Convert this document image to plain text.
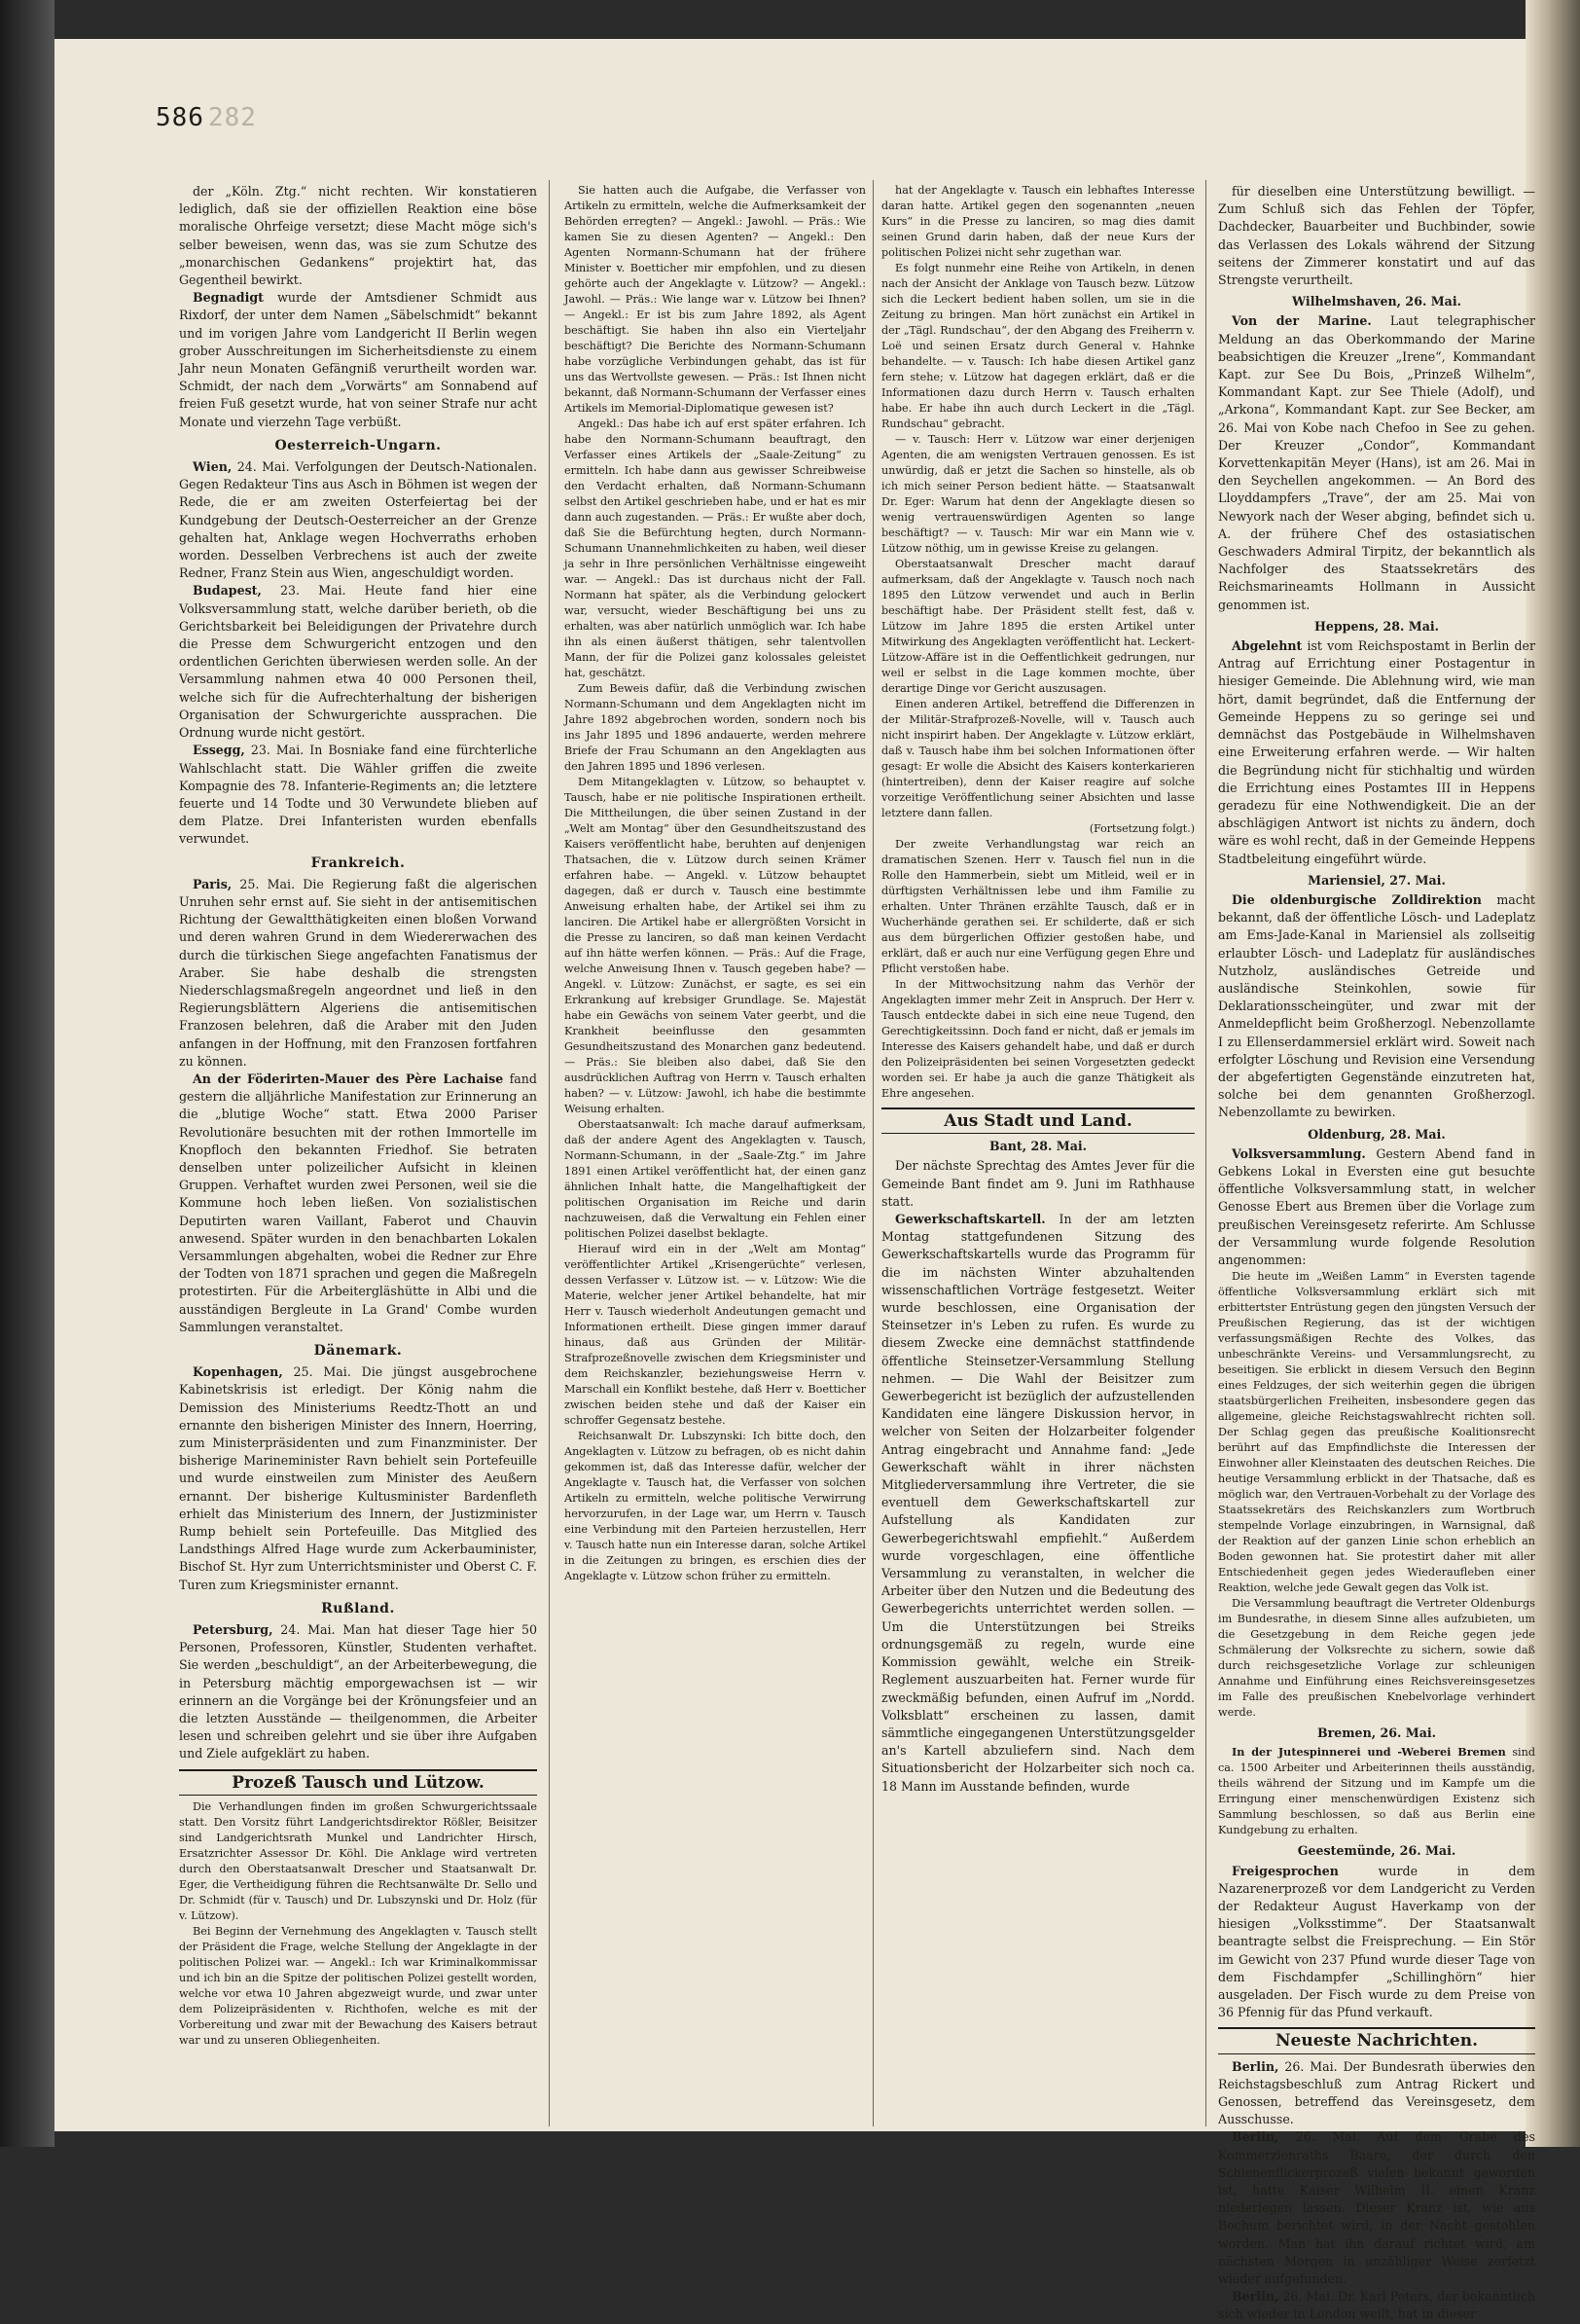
586 282

der „Köln. Ztg.“ nicht rechten. Wir konstatieren lediglich, daß sie der offiziellen Reaktion eine böse moralische Ohrfeige versetzt; diese Macht möge sich's selber beweisen, wenn das, was sie zum Schutze des „monarchischen Gedankens“ projektirt hat, das Gegentheil bewirkt.

Begnadigt wurde der Amtsdiener Schmidt aus Rixdorf, der unter dem Namen „Säbelschmidt“ bekannt und im vorigen Jahre vom Landgericht II Berlin wegen grober Ausschreitungen im Sicherheitsdienste zu einem Jahr neun Monaten Gefängniß verurtheilt worden war. Schmidt, der nach dem „Vorwärts“ am Sonnabend auf freien Fuß gesetzt wurde, hat von seiner Strafe nur acht Monate und vierzehn Tage verbüßt.

Oesterreich-Ungarn.

Wien, 24. Mai. Verfolgungen der Deutsch-Nationalen. Gegen Redakteur Tins aus Asch in Böhmen ist wegen der Rede, die er am zweiten Osterfeiertag bei der Kundgebung der Deutsch-Oesterreicher an der Grenze gehalten hat, Anklage wegen Hochverraths erhoben worden. Desselben Verbrechens ist auch der zweite Redner, Franz Stein aus Wien, angeschuldigt worden.

Budapest, 23. Mai. Heute fand hier eine Volksversammlung statt, welche darüber berieth, ob die Gerichtsbarkeit bei Beleidigungen der Privatehre durch die Presse dem Schwurgericht entzogen und den ordentlichen Gerichten überwiesen werden solle. An der Versammlung nahmen etwa 40 000 Personen theil, welche sich für die Aufrechterhaltung der bisherigen Organisation der Schwurgerichte aussprachen. Die Ordnung wurde nicht gestört.

Essegg, 23. Mai. In Bosniake fand eine fürchterliche Wahlschlacht statt. Die Wähler griffen die zweite Kompagnie des 78. Infanterie-Regiments an; die letztere feuerte und 14 Todte und 30 Verwundete blieben auf dem Platze. Drei Infanteristen wurden ebenfalls verwundet.

Frankreich.

Paris, 25. Mai. Die Regierung faßt die algerischen Unruhen sehr ernst auf. Sie sieht in der antisemitischen Richtung der Gewaltthätigkeiten einen bloßen Vorwand und deren wahren Grund in dem Wiedererwachen des durch die türkischen Siege angefachten Fanatismus der Araber. Sie habe deshalb die strengsten Niederschlagsmaßregeln angeordnet und ließ in den Regierungsblättern Algeriens die antisemitischen Franzosen belehren, daß die Araber mit den Juden anfangen in der Hoffnung, mit den Franzosen fortfahren zu können.

An der Föderirten-Mauer des Père Lachaise fand gestern die alljährliche Manifestation zur Erinnerung an die „blutige Woche“ statt. Etwa 2000 Pariser Revolutionäre besuchten mit der rothen Immortelle im Knopfloch den bekannten Friedhof. Sie betraten denselben unter polizeilicher Aufsicht in kleinen Gruppen. Verhaftet wurden zwei Personen, weil sie die Kommune hoch leben ließen. Von sozialistischen Deputirten waren Vaillant, Faberot und Chauvin anwesend. Später wurden in den benachbarten Lokalen Versammlungen abgehalten, wobei die Redner zur Ehre der Todten von 1871 sprachen und gegen die Maßregeln protestirten. Für die Arbeitergläshütte in Albi und die ausständigen Bergleute in La Grand' Combe wurden Sammlungen veranstaltet.

Dänemark.

Kopenhagen, 25. Mai. Die jüngst ausgebrochene Kabinetskrisis ist erledigt. Der König nahm die Demission des Ministeriums Reedtz-Thott an und ernannte den bisherigen Minister des Innern, Hoerring, zum Ministerpräsidenten und zum Finanzminister. Der bisherige Marineminister Ravn behielt sein Portefeuille und wurde einstweilen zum Minister des Aeußern ernannt. Der bisherige Kultusminister Bardenfleth erhielt das Ministerium des Innern, der Justizminister Rump behielt sein Portefeuille. Das Mitglied des Landsthings Alfred Hage wurde zum Ackerbauminister, Bischof St. Hyr zum Unterrichtsminister und Oberst C. F. Turen zum Kriegsminister ernannt.

Rußland.

Petersburg, 24. Mai. Man hat dieser Tage hier 50 Personen, Professoren, Künstler, Studenten verhaftet. Sie werden „beschuldigt“, an der Arbeiterbewegung, die in Petersburg mächtig emporgewachsen ist — wir erinnern an die Vorgänge bei der Krönungsfeier und an die letzten Ausstände — theilgenommen, die Arbeiter lesen und schreiben gelehrt und sie über ihre Aufgaben und Ziele aufgeklärt zu haben.

Prozeß Tausch und Lützow.

Die Verhandlungen finden im großen Schwurgerichtssaale statt. Den Vorsitz führt Landgerichtsdirektor Rößler, Beisitzer sind Landgerichtsrath Munkel und Landrichter Hirsch, Ersatzrichter Assessor Dr. Köhl. Die Anklage wird vertreten durch den Oberstaatsanwalt Drescher und Staatsanwalt Dr. Eger, die Vertheidigung führen die Rechtsanwälte Dr. Sello und Dr. Schmidt (für v. Tausch) und Dr. Lubszynski und Dr. Holz (für v. Lützow).

Bei Beginn der Vernehmung des Angeklagten v. Tausch stellt der Präsident die Frage, welche Stellung der Angeklagte in der politischen Polizei war. — Angekl.: Ich war Kriminalkommissar und ich bin an die Spitze der politischen Polizei gestellt worden, welche vor etwa 10 Jahren abgezweigt wurde, und zwar unter dem Polizeipräsidenten v. Richthofen, welche es mit der Vorbereitung und zwar mit der Bewachung des Kaisers betraut war und zu unseren Obliegenheiten.

Sie hatten auch die Aufgabe, die Verfasser von Artikeln zu ermitteln, welche die Aufmerksamkeit der Behörden erregten? — Angekl.: Jawohl. — Präs.: Wie kamen Sie zu diesen Agenten? — Angekl.: Den Agenten Normann-Schumann hat der frühere Minister v. Boetticher mir empfohlen, und zu diesen gehörte auch der Angeklagte v. Lützow? — Angekl.: Jawohl. — Präs.: Wie lange war v. Lützow bei Ihnen? — Angekl.: Er ist bis zum Jahre 1892, als Agent beschäftigt. Sie haben ihn also ein Vierteljahr beschäftigt? Die Berichte des Normann-Schumann habe vorzügliche Verbindungen gehabt, das ist für uns das Wertvollste gewesen. — Präs.: Ist Ihnen nicht bekannt, daß Normann-Schumann der Verfasser eines Artikels im Memorial-Diplomatique gewesen ist?

Angekl.: Das habe ich auf erst später erfahren. Ich habe den Normann-Schumann beauftragt, den Verfasser eines Artikels der „Saale-Zeitung“ zu ermitteln. Ich habe dann aus gewisser Schreibweise den Verdacht erhalten, daß Normann-Schumann selbst den Artikel geschrieben habe, und er hat es mir dann auch zugestanden. — Präs.: Er wußte aber doch, daß Sie die Befürchtung hegten, durch Normann-Schumann Unannehmlichkeiten zu haben, weil dieser ja sehr in Ihre persönlichen Verhältnisse eingeweiht war. — Angekl.: Das ist durchaus nicht der Fall. Normann hat später, als die Verbindung gelockert war, versucht, wieder Beschäftigung bei uns zu erhalten, was aber natürlich unmöglich war. Ich habe ihn als einen äußerst thätigen, sehr talentvollen Mann, der für die Polizei ganz kolossales geleistet hat, geschätzt.

Zum Beweis dafür, daß die Verbindung zwischen Normann-Schumann und dem Angeklagten nicht im Jahre 1892 abgebrochen worden, sondern noch bis ins Jahr 1895 und 1896 andauerte, werden mehrere Briefe der Frau Schumann an den Angeklagten aus den Jahren 1895 und 1896 verlesen.

Dem Mitangeklagten v. Lützow, so behauptet v. Tausch, habe er nie politische Inspirationen ertheilt. Die Mittheilungen, die über seinen Zustand in der „Welt am Montag“ über den Gesundheitszustand des Kaisers veröffentlicht habe, beruhten auf denjenigen Thatsachen, die v. Lützow durch seinen Krämer erfahren habe. — Angekl. v. Lützow behauptet dagegen, daß er durch v. Tausch eine bestimmte Anweisung erhalten habe, der Artikel sei ihm zu lanciren. Die Artikel habe er allergrößten Vorsicht in die Presse zu lanciren, so daß man keinen Verdacht auf ihn hätte werfen können. — Präs.: Auf die Frage, welche Anweisung Ihnen v. Tausch gegeben habe? — Angekl. v. Lützow: Zunächst, er sagte, es sei ein Erkrankung auf krebsiger Grundlage. Se. Majestät habe ein Gewächs von seinem Vater geerbt, und die Krankheit beeinflusse den gesammten Gesundheitszustand des Monarchen ganz bedeutend. — Präs.: Sie bleiben also dabei, daß Sie den ausdrücklichen Auftrag von Herrn v. Tausch erhalten haben? — v. Lützow: Jawohl, ich habe die bestimmte Weisung erhalten.

Oberstaatsanwalt: Ich mache darauf aufmerksam, daß der andere Agent des Angeklagten v. Tausch, Normann-Schumann, in der „Saale-Ztg.“ im Jahre 1891 einen Artikel veröffentlicht hat, der einen ganz ähnlichen Inhalt hatte, die Mangelhaftigkeit der politischen Organisation im Reiche und darin nachzuweisen, daß die Verwaltung ein Fehlen einer politischen Polizei daselbst beklagte.

Hierauf wird ein in der „Welt am Montag“ veröffentlichter Artikel „Krisengerüchte“ verlesen, dessen Verfasser v. Lützow ist. — v. Lützow: Wie die Materie, welcher jener Artikel behandelte, hat mir Herr v. Tausch wiederholt Andeutungen gemacht und Informationen ertheilt. Diese gingen immer darauf hinaus, daß aus Gründen der Militär-Strafprozeßnovelle zwischen dem Kriegsminister und dem Reichskanzler, beziehungsweise Herrn v. Marschall ein Konflikt bestehe, daß Herr v. Boetticher zwischen beiden stehe und daß der Kaiser ein schroffer Gegensatz bestehe.

Reichsanwalt Dr. Lubszynski: Ich bitte doch, den Angeklagten v. Lützow zu befragen, ob es nicht dahin gekommen ist, daß das Interesse dafür, welcher der Angeklagte v. Tausch hat, die Verfasser von solchen Artikeln zu ermitteln, welche politische Verwirrung hervorzurufen, in der Lage war, um Herrn v. Tausch eine Verbindung mit den Parteien herzustellen, Herr v. Tausch hatte nun ein Interesse daran, solche Artikel in die Zeitungen zu bringen, es erschien dies der Angeklagte v. Lützow schon früher zu ermitteln.

hat der Angeklagte v. Tausch ein lebhaftes Interesse daran hatte. Artikel gegen den sogenannten „neuen Kurs“ in die Presse zu lanciren, so mag dies damit seinen Grund darin haben, daß der neue Kurs der politischen Polizei nicht sehr zugethan war.

Es folgt nunmehr eine Reihe von Artikeln, in denen nach der Ansicht der Anklage von Tausch bezw. Lützow sich die Leckert bedient haben sollen, um sie in die Zeitung zu bringen. Man hört zunächst ein Artikel in der „Tägl. Rundschau“, der den Abgang des Freiherrn v. Loë und seinen Ersatz durch General v. Hahnke behandelte. — v. Tausch: Ich habe diesen Artikel ganz fern stehe; v. Lützow hat dagegen erklärt, daß er die Informationen dazu durch Herrn v. Tausch erhalten habe. Er habe ihn auch durch Leckert in die „Tägl. Rundschau“ gebracht.

— v. Tausch: Herr v. Lützow war einer derjenigen Agenten, die am wenigsten Vertrauen genossen. Es ist unwürdig, daß er jetzt die Sachen so hinstelle, als ob ich mich seiner Person bedient hätte. — Staatsanwalt Dr. Eger: Warum hat denn der Angeklagte diesen so wenig vertrauenswürdigen Agenten so lange beschäftigt? — v. Tausch: Mir war ein Mann wie v. Lützow nöthig, um in gewisse Kreise zu gelangen.

Oberstaatsanwalt Drescher macht darauf aufmerksam, daß der Angeklagte v. Tausch noch nach 1895 den Lützow verwendet und auch in Berlin beschäftigt habe. Der Präsident stellt fest, daß v. Lützow im Jahre 1895 die ersten Artikel unter Mitwirkung des Angeklagten veröffentlicht hat. Leckert-Lützow-Affäre ist in die Oeffentlichkeit gedrungen, nur weil er selbst in die Lage kommen mochte, über derartige Dinge vor Gericht auszusagen.

Einen anderen Artikel, betreffend die Differenzen in der Militär-Strafprozeß-Novelle, will v. Tausch auch nicht inspirirt haben. Der Angeklagte v. Lützow erklärt, daß v. Tausch habe ihm bei solchen Informationen öfter gesagt: Er wolle die Absicht des Kaisers konterkarieren (hintertreiben), denn der Kaiser reagire auf solche vorzeitige Veröffentlichung seiner Absichten und lasse letztere dann fallen.

(Fortsetzung folgt.)

Der zweite Verhandlungstag war reich an dramatischen Szenen. Herr v. Tausch fiel nun in die Rolle den Hammerbein, siebt um Mitleid, weil er in dürftigsten Verhältnissen lebe und ihm Familie zu erhalten. Unter Thränen erzählte Tausch, daß er in Wucherhände gerathen sei. Er schilderte, daß er sich aus dem bürgerlichen Offizier gestoßen habe, und erklärt, daß er auch nur eine Verfügung gegen Ehre und Pflicht verstoßen habe.

In der Mittwochsitzung nahm das Verhör der Angeklagten immer mehr Zeit in Anspruch. Der Herr v. Tausch entdeckte dabei in sich eine neue Tugend, den Gerechtigkeitssinn. Doch fand er nicht, daß er jemals im Interesse des Kaisers gehandelt habe, und daß er durch den Polizeipräsidenten bei seinen Vorgesetzten gedeckt worden sei. Er habe ja auch die ganze Thätigkeit als Ehre angesehen.

Aus Stadt und Land.
Bant, 28. Mai.

Der nächste Sprechtag des Amtes Jever für die Gemeinde Bant findet am 9. Juni im Rathhause statt.

Gewerkschaftskartell. In der am letzten Montag stattgefundenen Sitzung des Gewerkschaftskartells wurde das Programm für die im nächsten Winter abzuhaltenden wissenschaftlichen Vorträge festgesetzt. Weiter wurde beschlossen, eine Organisation der Steinsetzer in's Leben zu rufen. Es wurde zu diesem Zwecke eine demnächst stattfindende öffentliche Steinsetzer-Versammlung Stellung nehmen. — Die Wahl der Beisitzer zum Gewerbegericht ist bezüglich der aufzustellenden Kandidaten eine längere Diskussion hervor, in welcher von Seiten der Holzarbeiter folgender Antrag eingebracht und Annahme fand: „Jede Gewerkschaft wählt in ihrer nächsten Mitgliederversammlung ihre Vertreter, die sie eventuell dem Gewerkschaftskartell zur Aufstellung als Kandidaten zur Gewerbegerichtswahl empfiehlt.“ Außerdem wurde vorgeschlagen, eine öffentliche Versammlung zu veranstalten, in welcher die Arbeiter über den Nutzen und die Bedeutung des Gewerbegerichts unterrichtet werden sollen. — Um die Unterstützungen bei Streiks ordnungsgemäß zu regeln, wurde eine Kommission gewählt, welche ein Streik-Reglement auszuarbeiten hat. Ferner wurde für zweckmäßig befunden, einen Aufruf im „Nordd. Volksblatt“ erscheinen zu lassen, damit sämmtliche eingegangenen Unterstützungsgelder an's Kartell abzuliefern sind. Nach dem Situationsbericht der Holzarbeiter sich noch ca. 18 Mann im Ausstande befinden, wurde

für dieselben eine Unterstützung bewilligt. — Zum Schluß sich das Fehlen der Töpfer, Dachdecker, Bauarbeiter und Buchbinder, sowie das Verlassen des Lokals während der Sitzung seitens der Zimmerer konstatirt und auf das Strengste verurtheilt.

Wilhelmshaven, 26. Mai.

Von der Marine. Laut telegraphischer Meldung an das Oberkommando der Marine beabsichtigen die Kreuzer „Irene“, Kommandant Kapt. zur See Du Bois, „Prinzeß Wilhelm“, Kommandant Kapt. zur See Thiele (Adolf), und „Arkona“, Kommandant Kapt. zur See Becker, am 26. Mai von Kobe nach Chefoo in See zu gehen. Der Kreuzer „Condor“, Kommandant Korvettenkapitän Meyer (Hans), ist am 26. Mai in den Seychellen angekommen. — An Bord des Lloyddampfers „Trave“, der am 25. Mai von Newyork nach der Weser abging, befindet sich u. A. der frühere Chef des ostasiatischen Geschwaders Admiral Tirpitz, der bekanntlich als Nachfolger des Staatssekretärs des Reichsmarineamts Hollmann in Aussicht genommen ist.

Heppens, 28. Mai.

Abgelehnt ist vom Reichspostamt in Berlin der Antrag auf Errichtung einer Postagentur in hiesiger Gemeinde. Die Ablehnung wird, wie man hört, damit begründet, daß die Entfernung der Gemeinde Heppens zu so geringe sei und demnächst das Postgebäude in Wilhelmshaven eine Erweiterung erfahren werde. — Wir halten die Begründung nicht für stichhaltig und würden die Errichtung eines Postamtes III in Heppens geradezu für eine Nothwendigkeit. Die an der abschlägigen Antwort ist nichts zu ändern, doch wäre es wohl recht, daß in der Gemeinde Heppens Stadtbeleitung eingeführt würde.

Mariensiel, 27. Mai.

Die oldenburgische Zolldirektion macht bekannt, daß der öffentliche Lösch- und Ladeplatz am Ems-Jade-Kanal in Mariensiel als zollseitig erlaubter Lösch- und Ladeplatz für ausländisches Nutzholz, ausländisches Getreide und ausländische Steinkohlen, sowie für Deklarationsscheingüter, und zwar mit der Anmeldepflicht beim Großherzogl. Nebenzollamte I zu Ellenserdammersiel erklärt wird. Soweit nach erfolgter Löschung und Revision eine Versendung der abgefertigten Gegenstände einzutreten hat, solche bei dem genannten Großherzogl. Nebenzollamte zu bewirken.

Oldenburg, 28. Mai.

Volksversammlung. Gestern Abend fand in Gebkens Lokal in Eversten eine gut besuchte öffentliche Volksversammlung statt, in welcher Genosse Ebert aus Bremen über die Vorlage zum preußischen Vereinsgesetz referirte. Am Schlusse der Versammlung wurde folgende Resolution angenommen:

Die heute im „Weißen Lamm“ in Eversten tagende öffentliche Volksversammlung erklärt sich mit erbittertster Entrüstung gegen den jüngsten Versuch der Preußischen Regierung, das ist der wichtigen verfassungsmäßigen Rechte des Volkes, das unbeschränkte Vereins- und Versammlungsrecht, zu beseitigen. Sie erblickt in diesem Versuch den Beginn eines Feldzuges, der sich weiterhin gegen die übrigen staatsbürgerlichen Freiheiten, insbesondere gegen das allgemeine, gleiche Reichstagswahlrecht richten soll. Der Schlag gegen das preußische Koalitionsrecht berührt auf das Empfindlichste die Interessen der Einwohner aller Kleinstaaten des deutschen Reiches. Die heutige Versammlung erblickt in der Thatsache, daß es möglich war, den Vertrauen-Vorbehalt zu der Vorlage des Staatssekretärs des Reichskanzlers zum Wortbruch stempelnde Vorlage einzubringen, in Warnsignal, daß der Reaktion auf der ganzen Linie schon erheblich an Boden gewonnen hat. Sie protestirt daher mit aller Entschiedenheit gegen jedes Wiederaufleben einer Reaktion, welche jede Gewalt gegen das Volk ist.

Die Versammlung beauftragt die Vertreter Oldenburgs im Bundesrathe, in diesem Sinne alles aufzubieten, um die Gesetzgebung in dem Reiche gegen jede Schmälerung der Volksrechte zu sichern, sowie daß durch reichsgesetzliche Vorlage zur schleunigen Annahme und Einführung eines Reichsvereinsgesetzes im Falle des preußischen Knebelvorlage verhindert werde.

Bremen, 26. Mai.

In der Jutespinnerei und -Weberei Bremen sind ca. 1500 Arbeiter und Arbeiterinnen theils ausständig, theils während der Sitzung und im Kampfe um die Erringung einer menschenwürdigen Existenz sich Sammlung beschlossen, so daß aus Berlin eine Kundgebung zu erhalten.

Geestemünde, 26. Mai.

Freigesprochen	wurde in dem Nazarenerprozeß vor dem Landgericht zu Verden der Redakteur August Haverkamp von der hiesigen „Volksstimme“. Der Staatsanwalt beantragte selbst die Freisprechung. — Ein Stör im Gewicht von 237 Pfund wurde dieser Tage von dem Fischdampfer „Schillinghörn“ hier ausgeladen. Der Fisch wurde zu dem Preise von 36 Pfennig für das Pfund verkauft.

Neueste Nachrichten.

Berlin, 26. Mai. Der Bundesrath überwies den Reichstagsbeschluß zum Antrag Rickert und Genossen, betreffend das Vereinsgesetz, dem Ausschusse.

Berlin, 26. Mai. Auf dem Grabe des Kommerzienraths Baare, der durch den Schienenflickerprozeß vielen bekannt geworden ist, hatte Kaiser Wilhelm II. einen Kranz niederlegen lassen. Dieser Kranz ist, wie aus Bochum berichtet wird, in der Nacht gestohlen worden. Man hat ihn darauf richtet wird, am nächsten Morgen in unzähliger Weise zerfetzt wieder aufgefunden.

Berlin, 26. Mai. Dr. Karl Peters, der bekanntlich sich wieder in London weilt, hat in dieser
